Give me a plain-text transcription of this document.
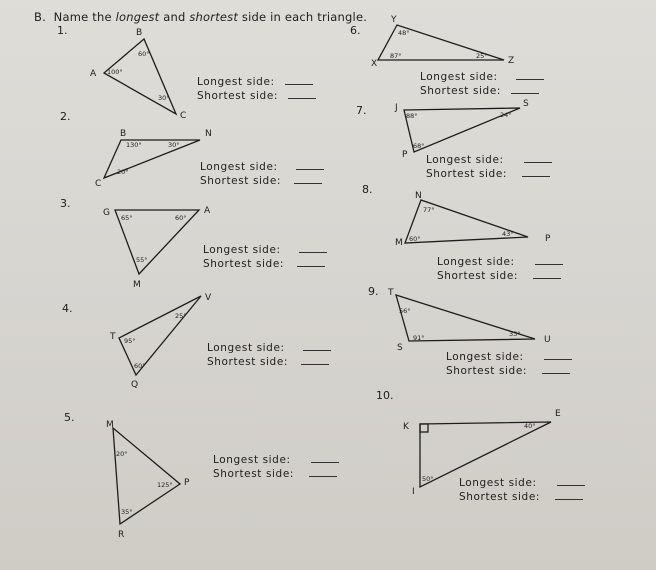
B. Name the longest and shortest side in each triangle.
1.
2.
3.
4.
5.
6.
7.
8.
9.
10.
Longest side:
Shortest side:
Longest side:
Shortest side:
Longest side:
Shortest side:
Longest side:
Shortest side:
Longest side:
Shortest side:
Longest side:
Shortest side:
Longest side:
Shortest side:
Longest side:
Shortest side:
Longest side:
Shortest side:
Longest side:
Shortest side:
B
A
C
B	N
C
G	A
M
V
T
Q
M
P
R
Y
X	Z
J	S
P
N
M	P
T
S
U
K
E
I
60°
100°
30°
130°	30°
20°
65°	60°
55°
25°
95°
60°
20°
125°
35°
48°
87°	25°
88°	24°
68°
77°
60°
43°
56°
91°	33°
40°
50°
